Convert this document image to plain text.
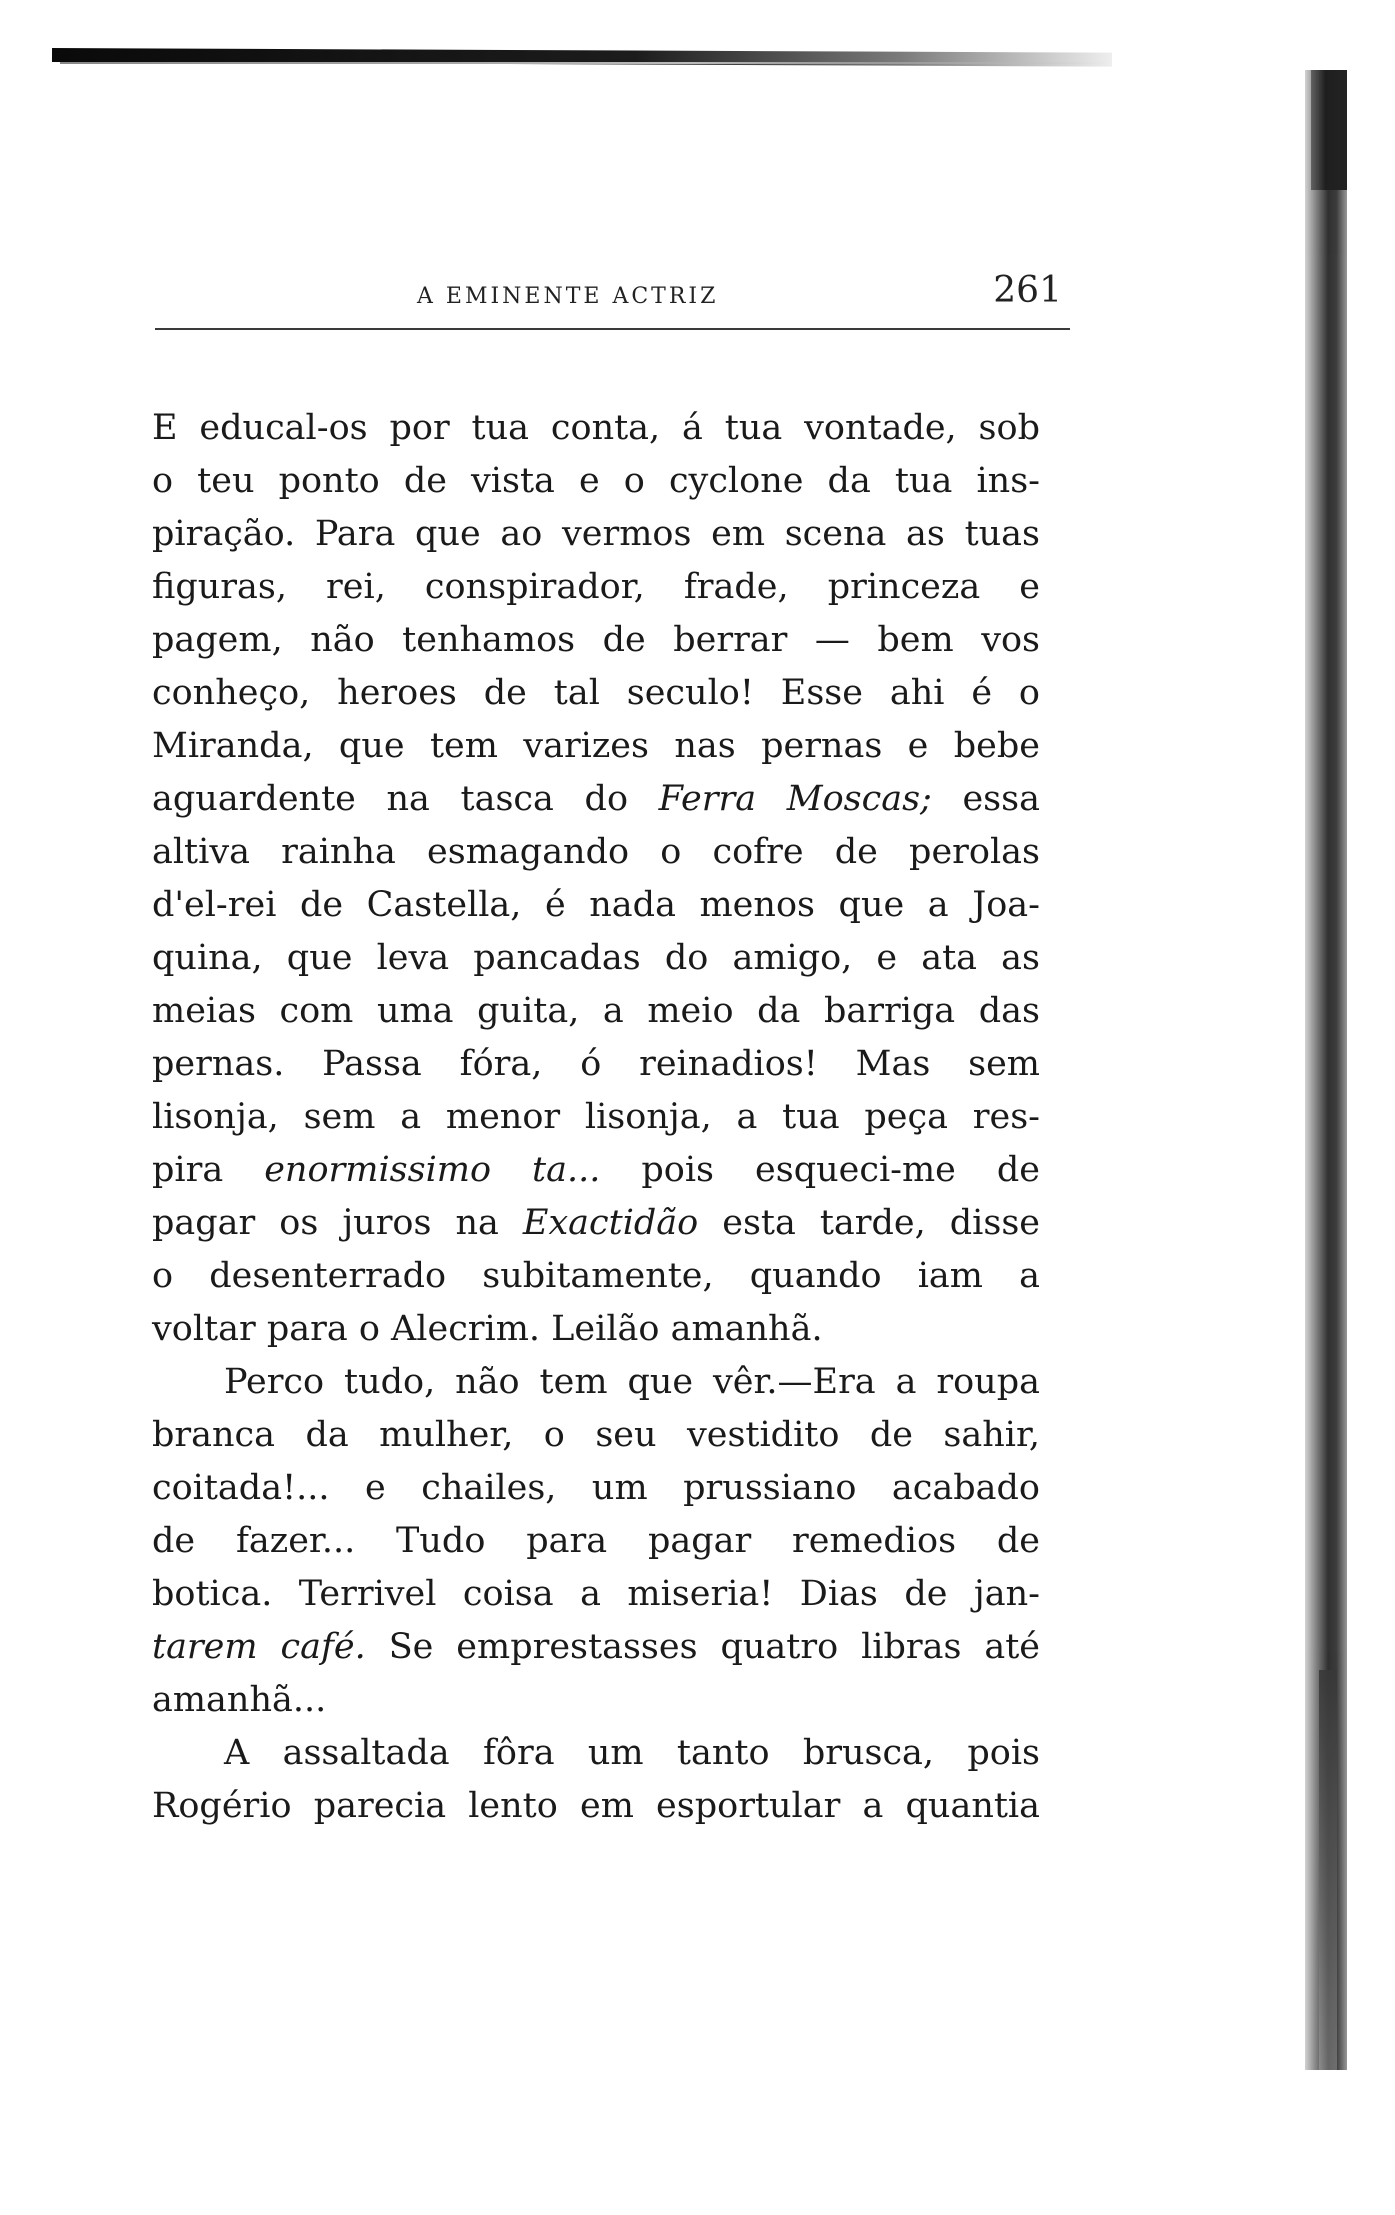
A EMINENTE ACTRIZ	261
E educal-os por tua conta, á tua vontade, sob
o teu ponto de vista e o cyclone da tua ins-
piração. Para que ao vermos em scena as tuas
figuras, rei, conspirador, frade, princeza e
pagem, não tenhamos de berrar — bem vos
conheço, heroes de tal seculo! Esse ahi é o
Miranda, que tem varizes nas pernas e bebe
aguardente na tasca do Ferra Moscas; essa
altiva rainha esmagando o cofre de perolas
d'el-rei de Castella, é nada menos que a Joa-
quina, que leva pancadas do amigo, e ata as
meias com uma guita, a meio da barriga das
pernas. Passa fóra, ó reinadios! Mas sem
lisonja, sem a menor lisonja, a tua peça res-
pira enormissimo ta... pois esqueci-me de
pagar os juros na Exactidão esta tarde, disse
o desenterrado subitamente, quando iam a
voltar para o Alecrim. Leilão amanhã.
Perco tudo, não tem que vêr.—Era a roupa
branca da mulher, o seu vestidito de sahir,
coitada!... e chailes, um prussiano acabado
de fazer... Tudo para pagar remedios de
botica. Terrivel coisa a miseria! Dias de jan-
tarem café. Se emprestasses quatro libras até
amanhã...
A assaltada fôra um tanto brusca, pois
Rogério parecia lento em esportular a quantia
